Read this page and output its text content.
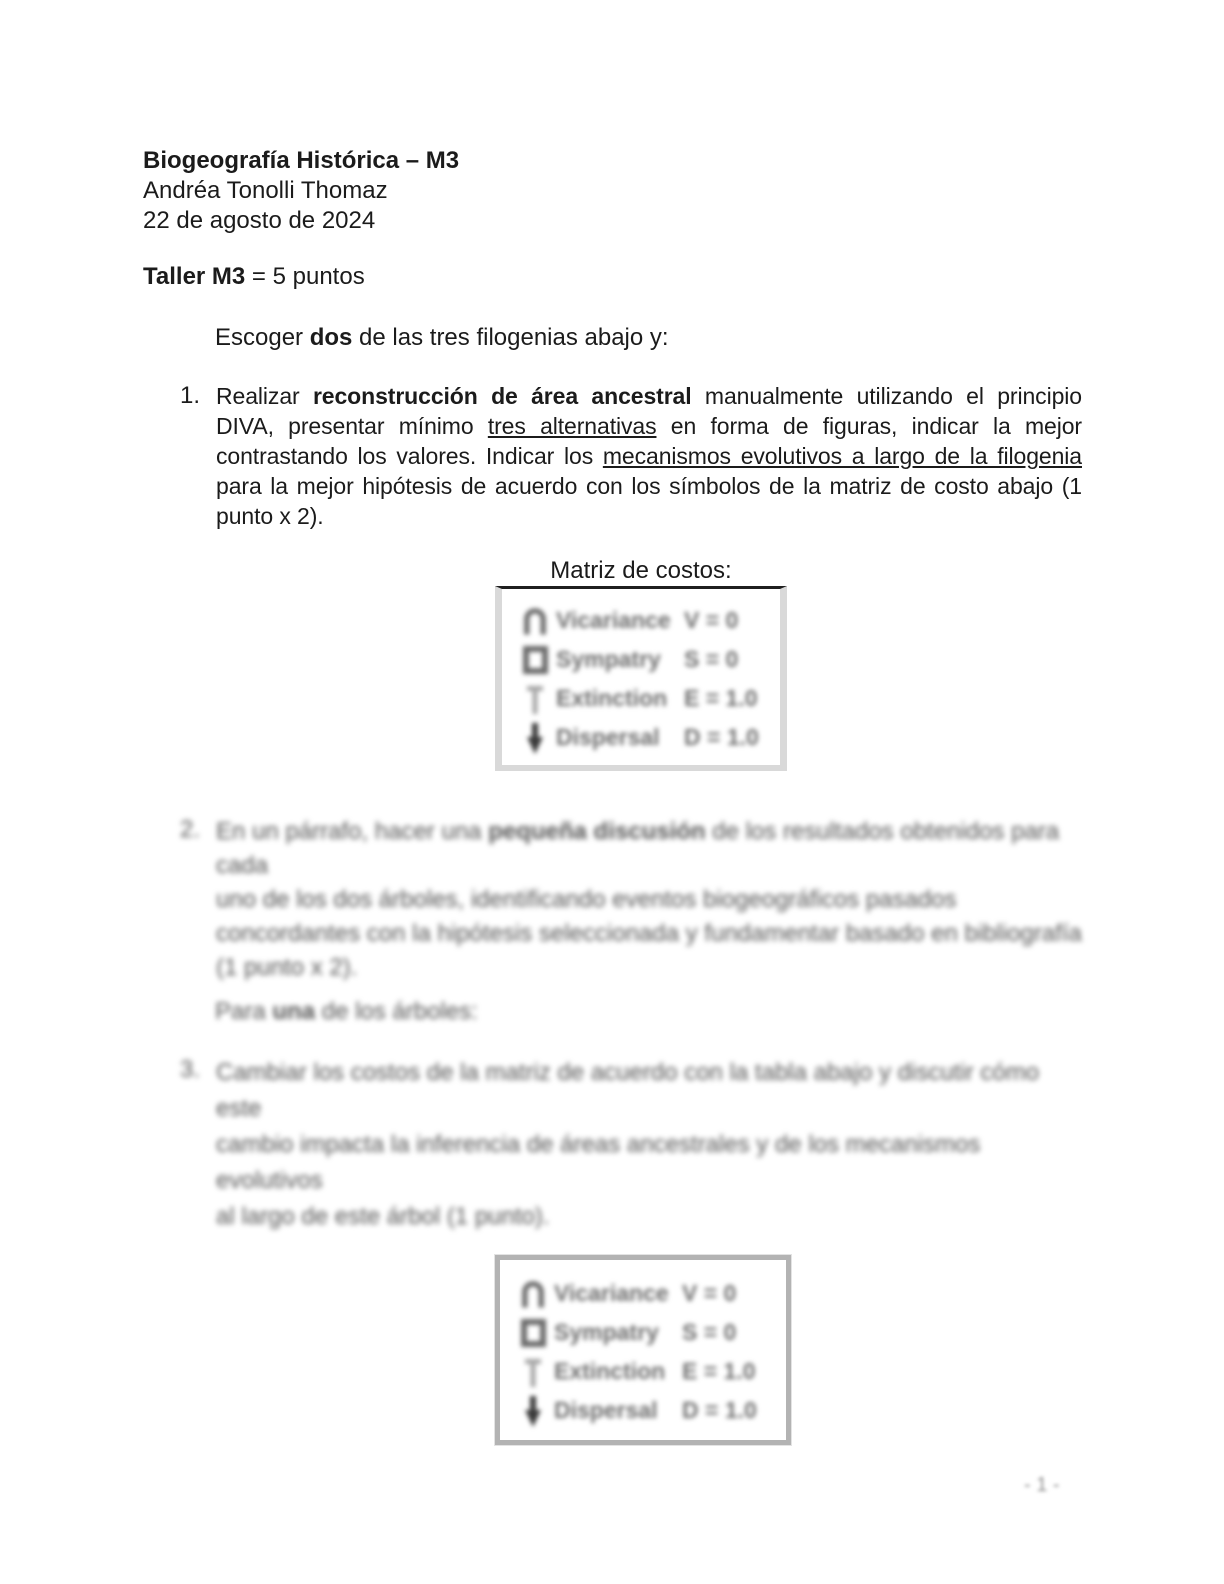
Biogeografía Histórica – M3

Andréa Tonolli Thomaz

22 de agosto de 2024

Taller M3 = 5 puntos
Escoger dos de las tres filogenias abajo y:
1. Realizar reconstrucción de área ancestral manualmente utilizando el principio
DIVA, presentar mínimo tres alternativas en forma de figuras, indicar la mejor
contrastando los valores. Indicar los mecanismos evolutivos a largo de la filogenia
para la mejor hipótesis de acuerdo con los símbolos de la matriz de costo abajo (1
punto x 2).
Matriz de costos:
Vicariance V = 0
Sympatry	S = 0
Extinction E = 1.0
Dispersal	D = 1.0
2. En un párrafo, hacer una pequeña discusión de los resultados obtenidos para cada
uno de los dos árboles, identificando eventos biogeográficos pasados
concordantes con la hipótesis seleccionada y fundamentar basado en bibliografía
(1 punto x 2).
Para una de los árboles:
3. Cambiar los costos de la matriz de acuerdo con la tabla abajo y discutir cómo este
cambio impacta la inferencia de áreas ancestrales y de los mecanismos evolutivos
al largo de este árbol (1 punto).
Vicariance V = 0
Sympatry	S = 0
Extinction E = 1.0
Dispersal	D = 1.0
- 1 -
